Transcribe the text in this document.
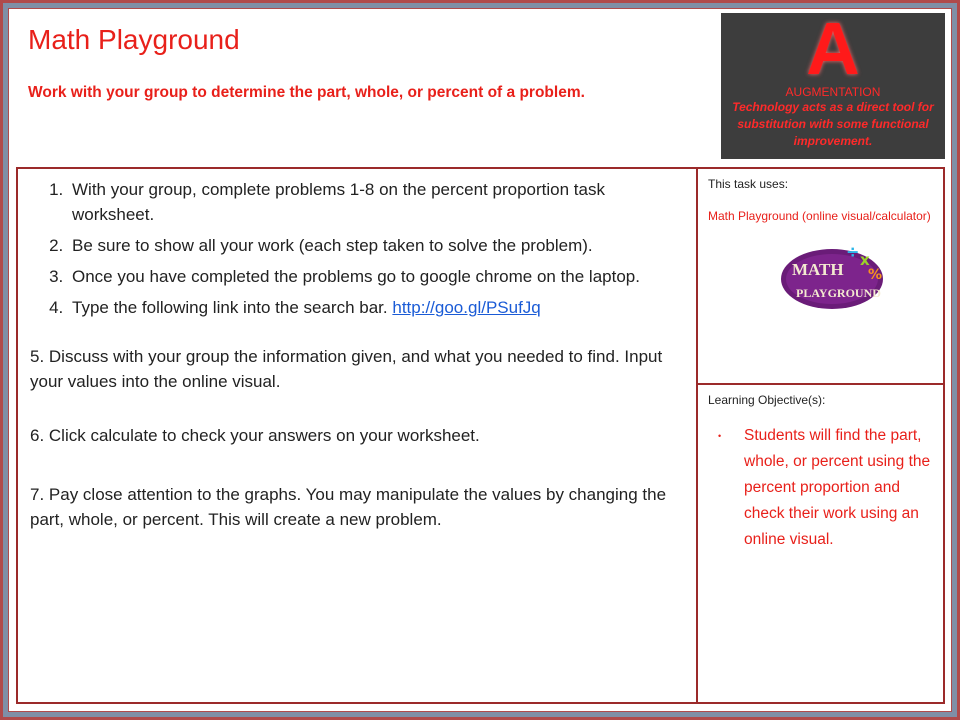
Math Playground
Work with your group to determine the part, whole, or percent of a problem.
A
AUGMENTATION
Technology acts as a direct tool for substitution with some functional improvement.
1. With your group, complete problems 1-8 on the percent proportion task worksheet.
2. Be sure to show all your work (each step taken to solve the problem).
3. Once you have completed the problems go to google chrome on the laptop.
4. Type the following link into the search bar. http://goo.gl/PSufJq

5. Discuss with your group the information given, and what you needed to find. Input your values into the online visual.

6. Click calculate to check your answers on your worksheet.

7. Pay close attention to the graphs. You may manipulate the values by changing the part, whole, or percent. This will create a new problem.

This task uses:

Math Playground (online visual/calculator)

MATH
PLAYGROUND
÷ x
%

Learning Objective(s):

• Students will find the part, whole, or percent using the percent proportion and check their work using an online visual.
